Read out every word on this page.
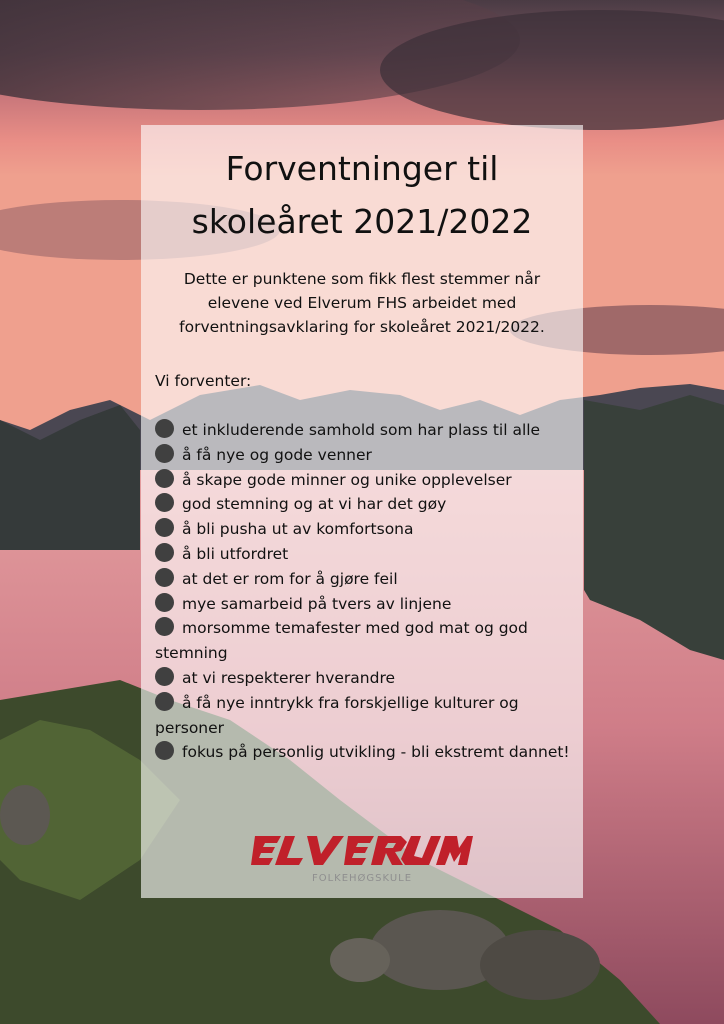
Forventninger til
skoleåret 2021/2022
Dette er punktene som fikk flest stemmer når elevene ved Elverum FHS arbeidet med forventningsavklaring for skoleåret 2021/2022.
Vi forventer:
et inkluderende samhold som har plass til alle
å få nye og gode venner
å skape gode minner og unike opplevelser
god stemning og at vi har det gøy
å bli pusha ut av komfortsona
å bli utfordret
at det er rom for å gjøre feil
mye samarbeid på tvers av linjene
morsomme temafester med god mat og god stemning
at vi respekterer hverandre
å få nye inntrykk fra forskjellige kulturer og personer
fokus på personlig utvikling - bli ekstremt dannet!
FOLKEHØGSKULE
